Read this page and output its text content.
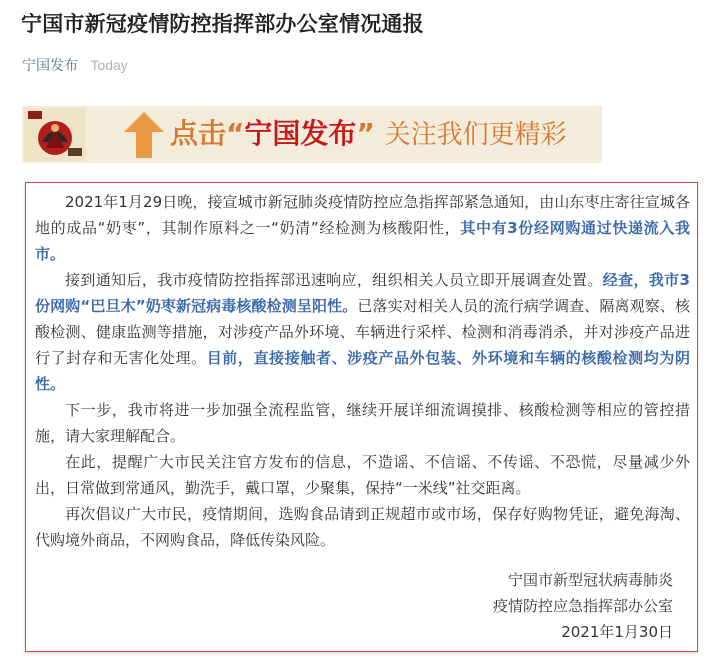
宁国市新冠疫情防控指挥部办公室情况通报
宁国发布 Today
点击“宁国发布” 关注我们更精彩

2021年1月29日晚，接宣城市新冠肺炎疫情防控应急指挥部紧急通知，由山东枣庄寄往宣城各地的成品“奶枣”，其制作原料之一“奶清”经检测为核酸阳性，其中有3份经网购通过快递流入我市。

接到通知后，我市疫情防控指挥部迅速响应，组织相关人员立即开展调查处置。经查，我市3份网购“巴旦木”奶枣新冠病毒核酸检测呈阳性。已落实对相关人员的流行病学调查、隔离观察、核酸检测、健康监测等措施，对涉疫产品外环境、车辆进行采样、检测和消毒消杀，并对涉疫产品进行了封存和无害化处理。目前，直接接触者、涉疫产品外包装、外环境和车辆的核酸检测均为阴性。

下一步，我市将进一步加强全流程监管，继续开展详细流调摸排、核酸检测等相应的管控措施，请大家理解配合。

在此，提醒广大市民关注官方发布的信息，不造谣、不信谣、不传谣、不恐慌，尽量减少外出，日常做到常通风，勤洗手，戴口罩，少聚集，保持“一米线”社交距离。

再次倡议广大市民，疫情期间，选购食品请到正规超市或市场，保存好购物凭证，避免海淘、代购境外商品，不网购食品，降低传染风险。

宁国市新型冠状病毒肺炎
疫情防控应急指挥部办公室
2021年1月30日
